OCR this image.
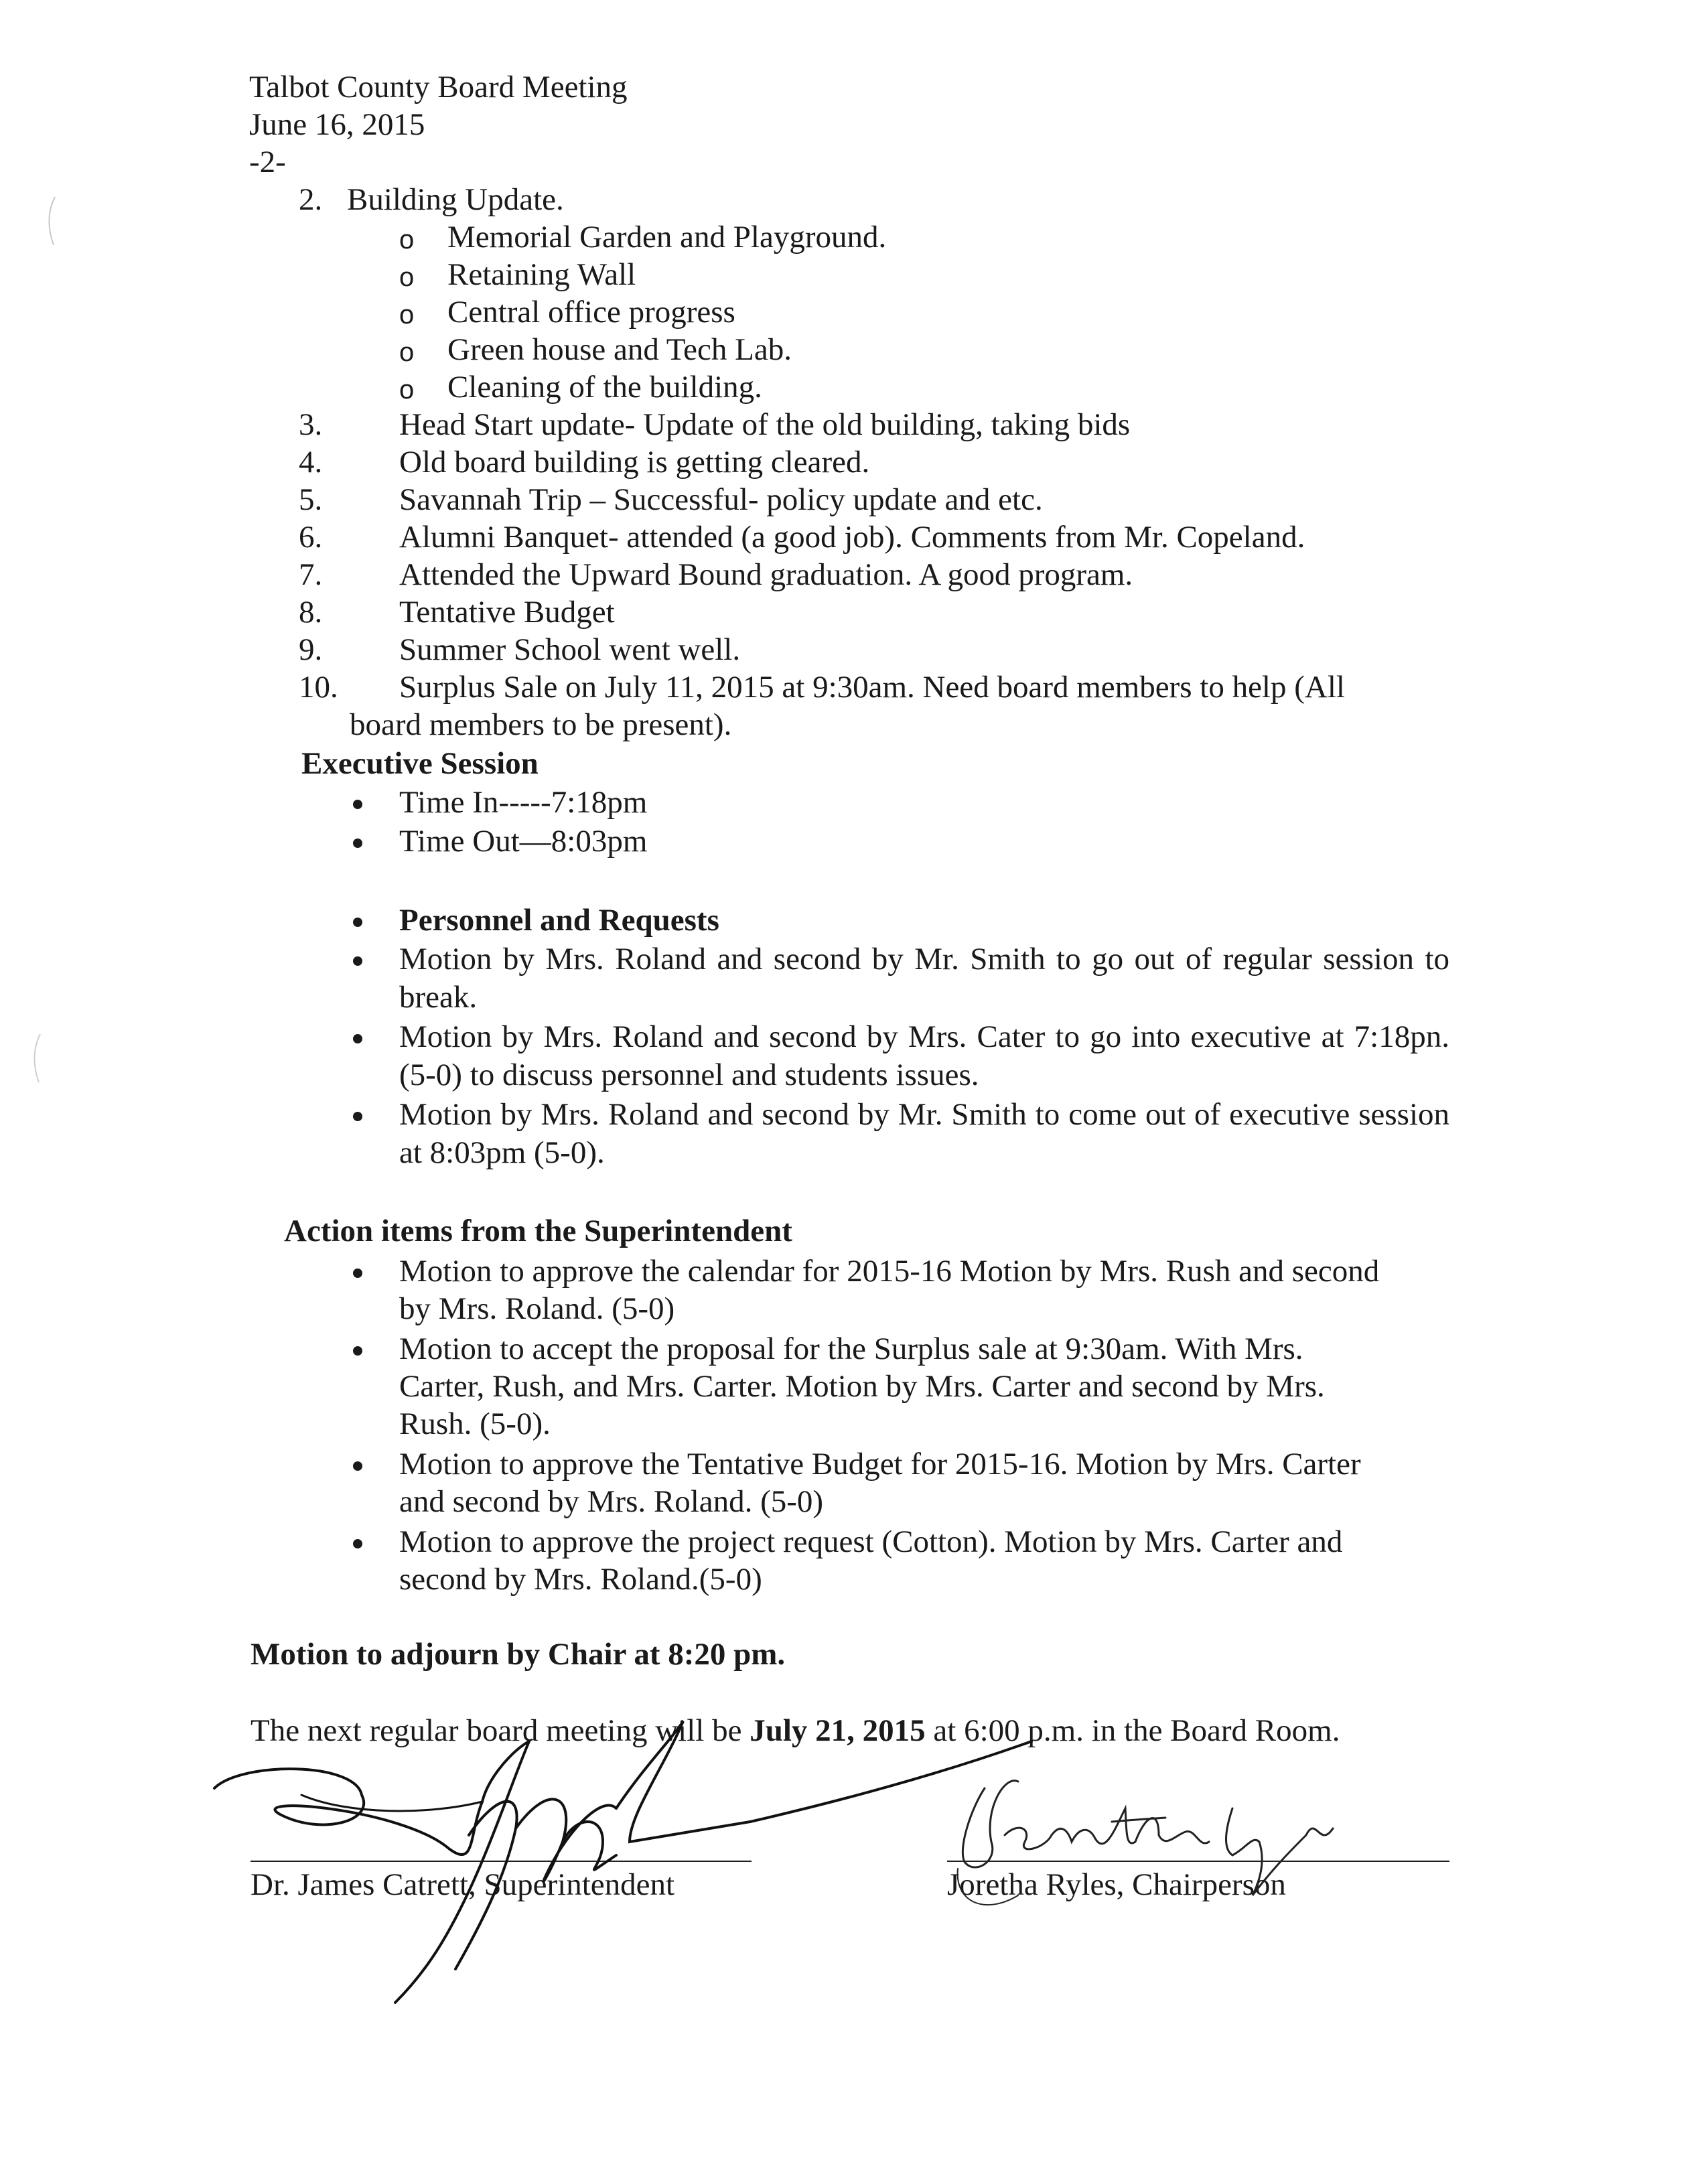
Talbot County Board Meeting
June 16, 2015
-2-
2. Building Update.
o Memorial Garden and Playground.
o Retaining Wall
o Central office progress
o Green house and Tech Lab.
o Cleaning of the building.
3. Head Start update- Update of the old building, taking bids
4. Old board building is getting cleared.
5. Savannah Trip – Successful- policy update and etc.
6. Alumni Banquet- attended (a good job). Comments from Mr. Copeland.
7. Attended the Upward Bound graduation. A good program.
8. Tentative Budget
9. Summer School went well.
10. Surplus Sale on July 11, 2015 at 9:30am. Need board members to help (All
board members to be present).
Executive Session
Time In-----7:18pm
Time Out—8:03pm
Personnel and Requests
Motion by Mrs. Roland and second by Mr. Smith to go out of regular session to break.
Motion by Mrs. Roland and second by Mrs. Cater to go into executive at 7:18pn. (5-0) to discuss personnel and students issues.
Motion by Mrs. Roland and second by Mr. Smith to come out of executive session at 8:03pm (5-0).
Action items from the Superintendent
Motion to approve the calendar for 2015-16 Motion by Mrs. Rush and second
by Mrs. Roland. (5-0)
Motion to accept the proposal for the Surplus sale at 9:30am. With Mrs.
Carter, Rush, and Mrs. Carter. Motion by Mrs. Carter and second by Mrs.
Rush. (5-0).
Motion to approve the Tentative Budget for 2015-16. Motion by Mrs. Carter
and second by Mrs. Roland. (5-0)
Motion to approve the project request (Cotton). Motion by Mrs. Carter and
second by Mrs. Roland.(5-0)
Motion to adjourn by Chair at 8:20 pm.
The next regular board meeting will be July 21, 2015 at 6:00 p.m. in the Board Room.
Dr. James Catrett, Superintendent	Joretha Ryles, Chairperson
